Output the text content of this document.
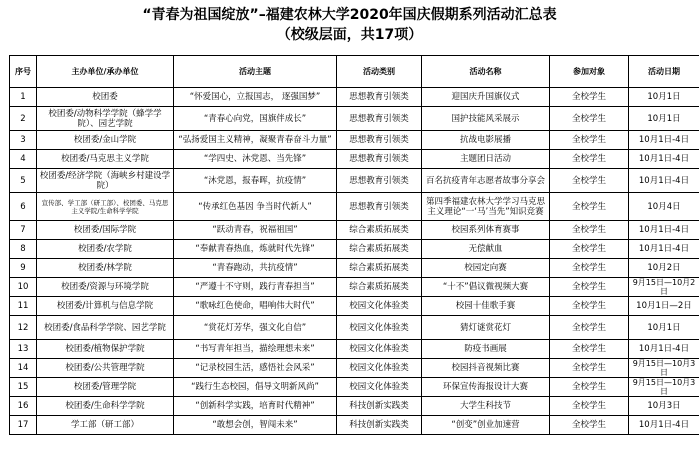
“青春为祖国绽放”–福建农林大学2020年国庆假期系列活动汇总表
（校级层面，共17项）
序号	主办单位/承办单位	活动主题	活动类别	活动名称	参加对象	活动日期
1	校团委	“怀爱国心，立报国志， 逐强国梦”	思想教育引领类	迎国庆升国旗仪式	全校学生	10月1日
2	校团委/动物科学学院（蜂学学院）、园艺学院	“青春心向党，国旗伴成长”	思想教育引领类	国护技能风采展示	全校学生	10月1日
3	校团委/金山学院	“弘扬爱国主义精神，凝聚青春奋斗力量”	思想教育引领类	抗战电影展播	全校学生	10月1日-4日
4	校团委/马克思主义学院	“学四史、沐党恩、当先锋”	思想教育引领类	主题团日活动	全校学生	10月1日-4日
5	校团委/经济学院（海峡乡村建设学院）	“沐党恩，报春晖，抗疫情”	思想教育引领类	百名抗疫青年志愿者故事分享会	全校学生	10月1日-4日
6	宣传部、学工部（研工部）、校团委、马克思主义学院/生命科学学院	“传承红色基因 争当时代新人”	思想教育引领类	第四季福建农林大学学习马克思主义理论“一‘马’当先”知识竞赛	全校学生	10月4日
7	校团委/国际学院	“跃动青春，祝福祖国”	综合素质拓展类	校园系列体育赛事	全校学生	10月1日-4日
8	校团委/农学院	“奉献青春热血，炼就时代先锋”	综合素质拓展类	无偿献血	全校学生	10月1日-4日
9	校团委/林学院	“青春跑动，共抗疫情”	综合素质拓展类	校园定向赛	全校学生	10月2日
10	校团委/资源与环境学院	“严遵十不守则，践行青春担当”	综合素质拓展类	“十不”倡议微视频大赛	全校学生	9月15日—10月2日
11	校团委/计算机与信息学院	“歌咏红色使命，唱响伟大时代”	校园文化体验类	校园十佳歌手赛	全校学生	10月1日—2日
12	校团委/食品科学学院、园艺学院	“赏花灯芳华，强文化自信”	校园文化体验类	猜灯谜赏花灯	全校学生	10月1日
13	校团委/植物保护学院	“书写青年担当，描绘理想未来”	校园文化体验类	防疫书画展	全校学生	10月1日-4日
14	校团委/公共管理学院	“记录校园生活，感悟社会风采”	校园文化体验类	校园抖音视频比赛	全校学生	9月15日—10月3日
15	校团委/管理学院	“践行生态校园，倡导文明新风尚”	校园文化体验类	环保宣传海报设计大赛	全校学生	9月15日—10月3日
16	校团委/生命科学学院	“创新科学实践，培育时代精神”	科技创新实践类	大学生科技节	全校学生	10月3日
17	学工部（研工部）	“敢想会创，智闯未来”	科技创新实践类	“创变”创业加速营	全校学生	10月1日-4日
